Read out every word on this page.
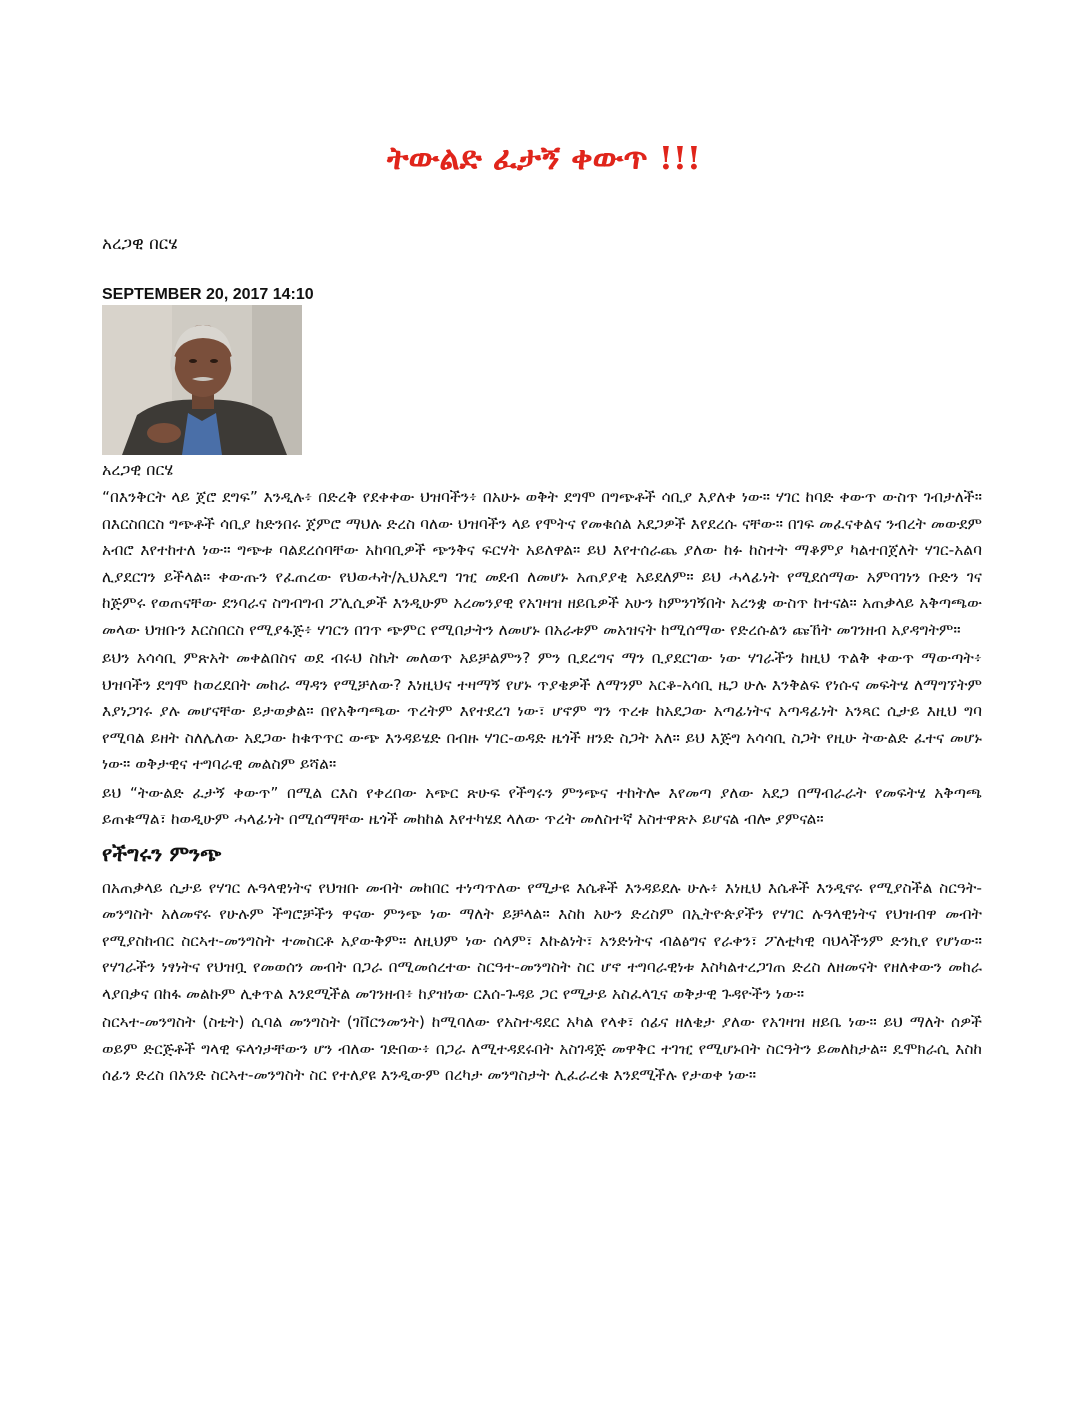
ትውልድ ፈታኝ ቀውጥ !!!
አረጋዊ በርሄ
SEPTEMBER 20, 2017 14:10
አረጋዊ በርሄ

“በእንቅርት ላይ ጀሮ ደግፍ” እንዲሉ፥ በድረቅ የደቀቀው ህዝባችን፥ በአሁኑ ወቅት ደግሞ በግጭቶች ሳቢያ እያለቀ ነው። ሃገር ከባድ ቀውጥ ውስጥ ገብታለች። በእርስበርስ ግጭቶች ሳቢያ ከድንበሩ ጀምሮ ማህሉ ድረስ ባለው ህዝባችን ላይ የሞትና የመቁሰል አደጋዎች እየደረሱ ናቸው። በገፍ መፈናቀልና ንብረት መውደም አብሮ እየተከተለ ነው። ግጭቱ ባልደረሰባቸው አከባቢዎች ጭንቅና ፍርሃት አይለዋል። ይህ እየተሰራጨ ያለው ከፉ ከስተት ማቆምያ ካልተበጀለት ሃገር-አልባ ሊያደርገን ይችላል። ቀውጡን የፈጠረው የህወሓት/ኢህአዴግ ገዢ መደብ ለመሆኑ አጠያያቂ አይደለም። ይህ ሓላፊነት የሚደሰማው አምባገነን ቡድን ገና ከጅምሩ የወጠናቸው ደንባራና ስግብግብ ፖሊሲዎች እንዲሁም አረመንያዊ የአገዛዝ ዘይቤዎች አሁን ከምንገኝበት አረንቋ ውስጥ ከተናል። አጠቃላይ አቅጣጫው መላው ህዝቡን እርስበርስ የሚያፋጅ፥ ሃገርን በገጥ ጭምር የሚበታትን ለመሆኑ በአራቱም መአዝናት ከሚሰማው የድረሱልን ጩኸት መገንዘብ አያዳግትም።

ይህን አሳሳቢ ምጽአት መቀልበስና ወደ ብሩህ ስኬት መለወጥ አይቻልምን? ምን ቢደረግና ማን ቢያደርገው ነው ሃገራችን ከዚህ ጥልቅ ቀውጥ ማውጣት፥ ህዝባችን ደግሞ ከወረደበት መከራ ማዳን የሚቻለው? እነዚህና ተዛማኝ የሆኑ ጥያቄዎች ለማንም አርቆ-አሳቢ ዜጋ ሁሉ እንቅልፍ የነሱና መፍትሄ ለማግኘትም እያነጋገሩ ያሉ መሆናቸው ይታወቃል። በየአቅጣጫው ጥረትም እየተደረገ ነው፣ ሆኖም ግን ጥረቱ ከአደጋው አጣፊነትና አጣዳፊነት አንጻር ሲታይ እዚህ ግባ የሚባል ይዘት ስለሌለው አደጋው ከቁጥጥር ውጭ እንዳይሄድ በብዙ ሃገር-ወዳድ ዜጎች ዘንድ ስጋት አለ። ይህ እጅግ አሳሳቢ ስጋት የዚሁ ትውልድ ፈተና መሆኑ ነው። ወቅታዊና ተግባራዊ መልስም ይሻል።

ይህ “ትውልድ ፈታኝ ቀውጥ” በሚል ርእስ የቀረበው አጭር ጽሁፍ የችግሩን ምንጭና ተከትሎ እየመጣ ያለው አደጋ በማብራራት የመፍትሄ አቅጣጫ ይጠቁማል፣ ከወዲሁም ሓላፊነት በሚሰማቸው ዜጎች መከከል እየተካሄደ ላለው ጥረት መለስተኛ አስተዋጽኦ ይሆናል ብሎ ያምናል።

የችግሩን ምንጭ

በአጠቃላይ ሲታይ የሃገር ሉዓላዊነትና የህዝቡ መብት መከበር ተነጣጥለው የሚታዩ እሴቶች እንዳይደሉ ሁሉ፥ እነዚህ እሴቶች እንዲኖሩ የሚያስችል ስርዓት-መንግስት አለመኖሩ የሁሉም ችግሮቻችን ዋናው ምንጭ ነው ማለት ይቻላል። እስከ አሁን ድረስም በኢትዮጵያችን የሃገር ሉዓላዊነትና የህዝብዋ መብት የሚያስከብር ስርኣተ-መንግስት ተመስርቶ አያውቅም። ለዚህም ነው ሰላም፣ እኩልነት፣ አንድነትና ብልፅግና የራቀን፣ ፖለቲካዊ ባህላችንም ድንኪየ የሆነው። የሃገራችን ነፃነትና የህዝቧ የመወሰን መብት በጋራ በሚመሰረተው ስርዓተ-መንግስት ስር ሆኖ ተግባራዊነቱ እስካልተረጋገጠ ድረስ ለዘመናት የዘለቀውን መከራ ላያበቃና በከፋ መልኩም ሊቀጥል እንደሚችል መገንዘብ፥ ከያዝነው ርእሰ-ጉዳይ ጋር የሚታይ አስፈላጊና ወቅታዊ ጉዳዮችን ነው።

ስርኣተ-መንግስት (ስቴት) ሲባል መንግስት (ገቨርንመንት) ከሚባለው የአስተዳደር አካል የላቀ፣ ሰፊና ዘለቄታ ያለው የአገዛዝ ዘይቤ ነው። ይህ ማለት ሰዎች ወይም ድርጅቶች ግላዊ ፍላጎታቸውን ሆን ብለው ገድበው፥ በጋራ ለሚተዳደሩበት አስገዳጅ መዋቅር ተገዢ የሚሆኑበት ስርዓትን ይመለከታል። ዴሞክራሲ እስከ ሰፊን ድረስ በአንድ ስርኣተ-መንግስት ስር የተለያዩ እንዲውም በረካታ መንግስታት ሊፈራረቁ እንደሚችሉ የታወቀ ነው።
